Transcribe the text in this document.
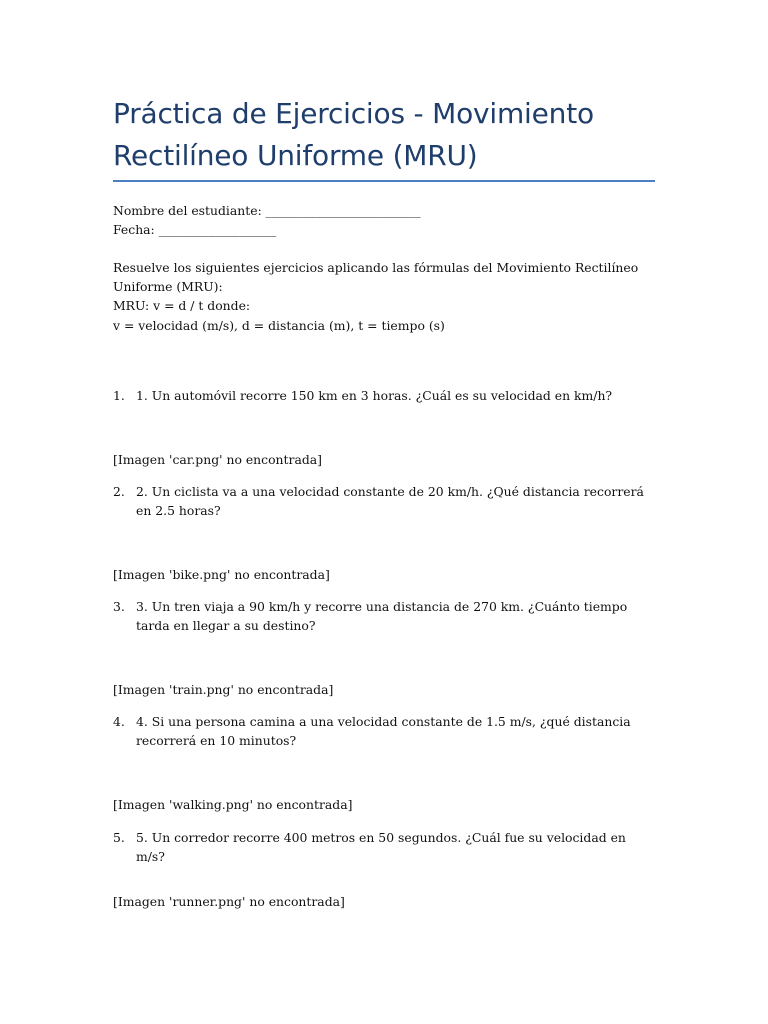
Práctica de Ejercicios - Movimiento Rectilíneo Uniforme (MRU)
Nombre del estudiante: _________________________
Fecha: ___________________
Resuelve los siguientes ejercicios aplicando las fórmulas del Movimiento Rectilíneo
Uniforme (MRU):
MRU: v = d / t donde:
v = velocidad (m/s), d = distancia (m), t = tiempo (s)
1. 1. Un automóvil recorre 150 km en 3 horas. ¿Cuál es su velocidad en km/h?
[Imagen 'car.png' no encontrada]
2. 2. Un ciclista va a una velocidad constante de 20 km/h. ¿Qué distancia recorrerá en 2.5 horas?
[Imagen 'bike.png' no encontrada]
3. 3. Un tren viaja a 90 km/h y recorre una distancia de 270 km. ¿Cuánto tiempo tarda en llegar a su destino?
[Imagen 'train.png' no encontrada]
4. 4. Si una persona camina a una velocidad constante de 1.5 m/s, ¿qué distancia recorrerá en 10 minutos?
[Imagen 'walking.png' no encontrada]
5. 5. Un corredor recorre 400 metros en 50 segundos. ¿Cuál fue su velocidad en m/s?
[Imagen 'runner.png' no encontrada]
